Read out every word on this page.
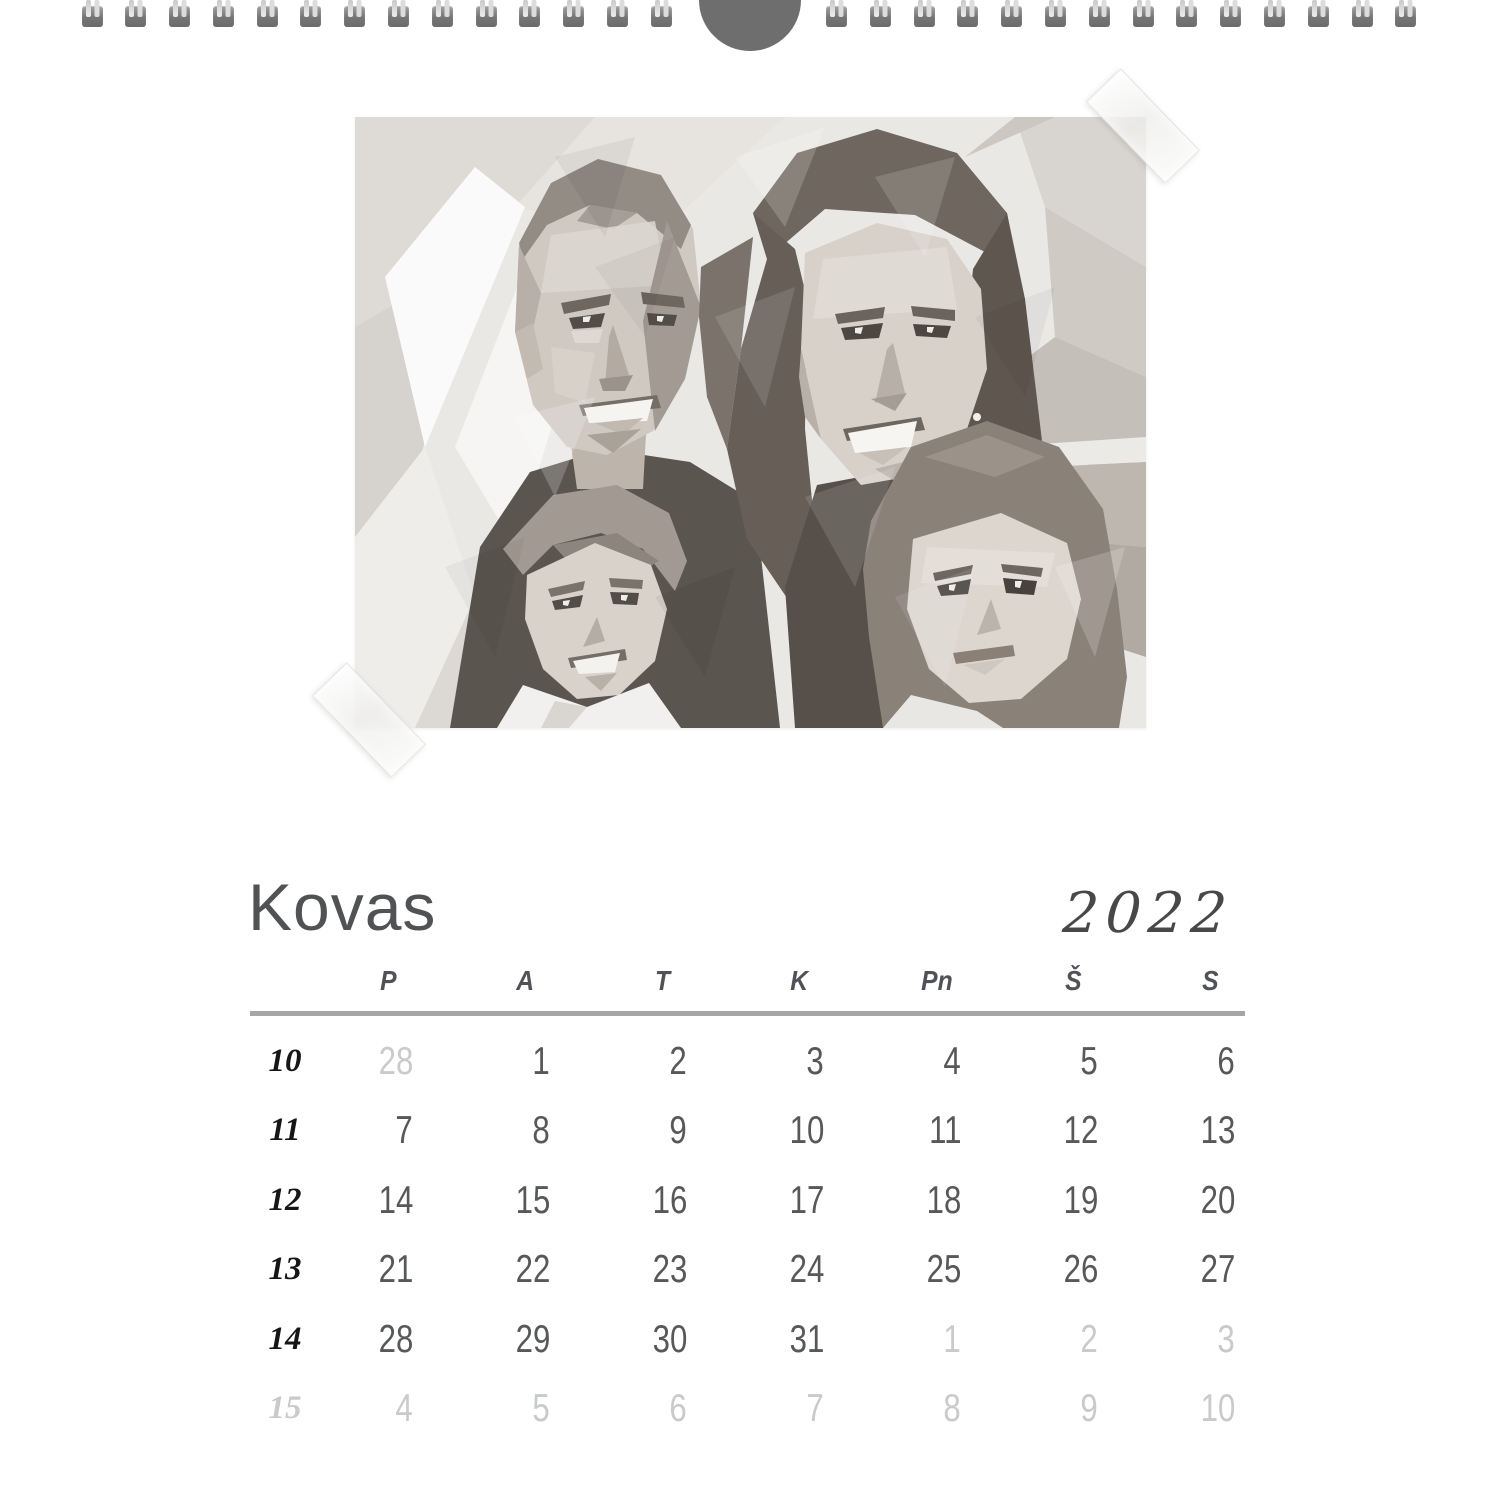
Kovas	2022
P	A	T	K	Pn	Š	S
10	28	1	2	3	4	5	6
11	7	8	9	10	11	12	13
12	14	15	16	17	18	19	20
13	21	22	23	24	25	26	27
14	28	29	30	31	1	2	3
15	4	5	6	7	8	9	10
